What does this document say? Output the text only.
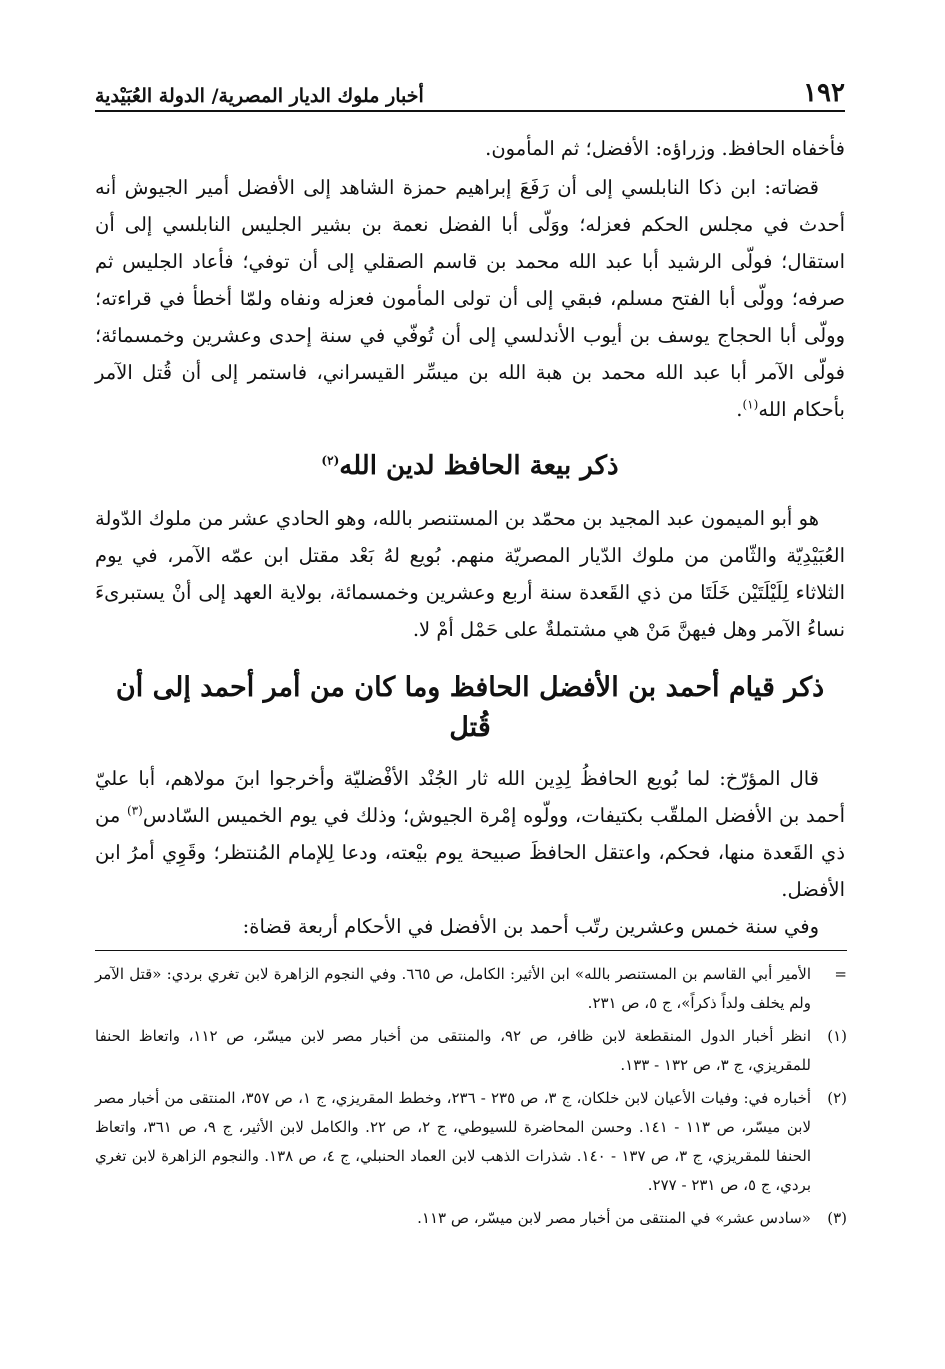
١٩٢
أخبار ملوك الديار المصرية/ الدولة العُبَيْدية

فأخفاه الحافظ. وزراؤه: الأفضل؛ ثم المأمون.

قضاته: ابن ذكا النابلسي إلى أن رَفَعَ إبراهيم حمزة الشاهد إلى الأفضل أمير الجيوش أنه أحدث في مجلس الحكم فعزله؛ ووَلّى أبا الفضل نعمة بن بشير الجليس النابلسي إلى أن استقال؛ فولّى الرشيد أبا عبد الله محمد بن قاسم الصقلي إلى أن توفي؛ فأعاد الجليس ثم صرفه؛ وولّى أبا الفتح مسلم، فبقي إلى أن تولى المأمون فعزله ونفاه ولمّا أخطأ في قراءته؛ وولّى أبا الحجاج يوسف بن أيوب الأندلسي إلى أن تُوفّي في سنة إحدى وعشرين وخمسمائة؛ فولّى الآمر أبا عبد الله محمد بن هبة الله بن ميسِّر القيسراني، فاستمر إلى أن قُتل الآمر بأحكام الله$^{(١)}$.

ذكر بيعة الحافظ لدين الله$^{(٢)}$

هو أبو الميمون عبد المجيد بن محمّد بن المستنصر بالله، وهو الحادي عشر من ملوك الدّولة العُبَيْدِيّة والثّامن من ملوك الدّيار المصريّة منهم. بُويع لهُ بَعْد مقتل ابن عمّه الآمر، في يوم الثلاثاء لِلَيْلَتَيْن خَلَتَا من ذي القَعدة سنة أربع وعشرين وخمسمائة، بولاية العهد إلى أنْ يستبرىءَ نساءُ الآمر وهل فيهنَّ مَنْ هي مشتملةٌ على حَمْل أمْ لا.

ذكر قيام أحمد بن الأفضل الحافظ وما كان من أمر أحمد إلى أن قُتل

قال المؤرّخ: لما بُويع الحافظُ لِدِين الله ثار الجُنْد الأفْضليّة وأخرجوا ابنَ مولاهم، أبا عليّ أحمد بن الأفضل الملقّب بكتيفات، وولّوه إمْرة الجيوش؛ وذلك في يوم الخميس السّادس$^{(٣)}$ من ذي القَعدة منها، فحكم، واعتقل الحافظَ صبيحة يوم بيْعته، ودعا لِلإمام المُنتظر؛ وقَوِي أمرُ ابن الأفضل.

وفي سنة خمس وعشرين رتّب أحمد بن الأفضل في الأحكام أربعة قضاة:

=
الأمير أبي القاسم بن المستنصر بالله» ابن الأثير: الكامل، ص ٦٦٥. وفي النجوم الزاهرة لابن تغري بردي: «قتل الآمر ولم يخلف ولداً ذكراً»، ج ٥، ص ٢٣١.
(١)
انظر أخبار الدول المنقطعة لابن ظافر، ص ٩٢، والمنتقى من أخبار مصر لابن ميسّر، ص ١١٢، واتعاظ الحنفا للمقريزي، ج ٣، ص ١٣٢ - ١٣٣.
(٢)
أخباره في: وفيات الأعيان لابن خلكان، ج ٣، ص ٢٣٥ - ٢٣٦، وخطط المقريزي، ج ١، ص ٣٥٧، المنتقى من أخبار مصر لابن ميسّر، ص ١١٣ - ١٤١. وحسن المحاضرة للسيوطي، ج ٢، ص ٢٢. والكامل لابن الأثير، ج ٩، ص ٣٦١، واتعاظ الحنفا للمقريزي، ج ٣، ص ١٣٧ - ١٤٠. شذرات الذهب لابن العماد الحنبلي، ج ٤، ص ١٣٨. والنجوم الزاهرة لابن تغري بردي، ج ٥، ص ٢٣١ - ٢٧٧.
(٣)
«سادس عشر» في المنتقى من أخبار مصر لابن ميسّر، ص ١١٣.
